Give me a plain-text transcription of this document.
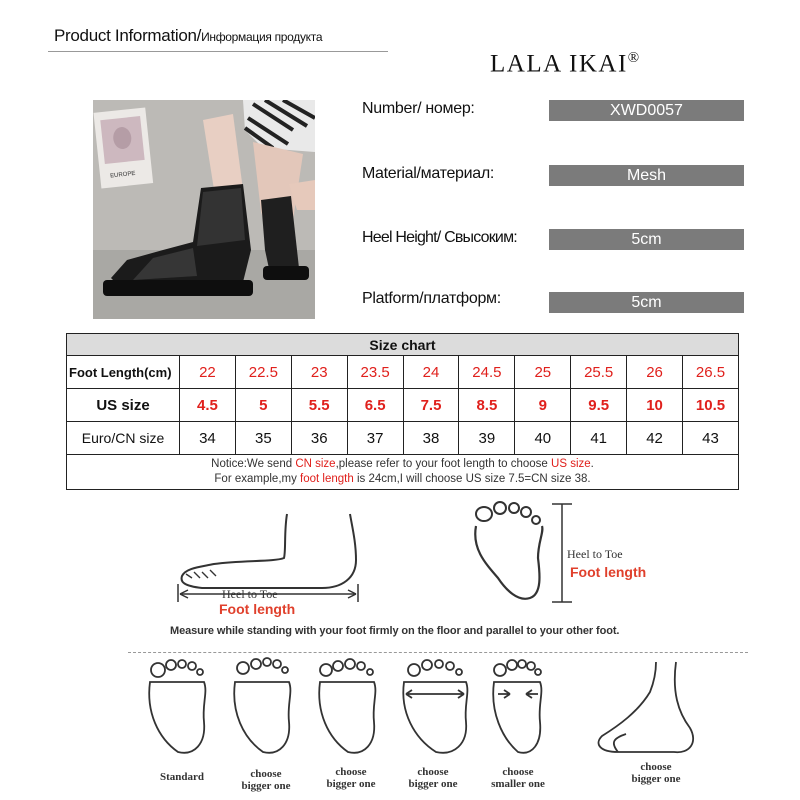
Product Information/Информация продукта
LALA IKAI®
EUROPE
Number/ номер:	XWD0057
Material/материал:	Mesh
Heel Height/ Свысоким:	5cm
Platform/платформ:	5cm
Size chart										
Foot Length(cm)	22	22.5	23	23.5	24	24.5	25	25.5	26	26.5
US size	4.5	5	5.5	6.5	7.5	8.5	9	9.5	10	10.5
Euro/CN size	34	35	36	37	38	39	40	41	42	43

Notice:We send CN size,please refer to your foot length to choose US size.
For example,my foot length is 24cm,I will choose US size 7.5=CN size 38.										
Heel to Toe
Foot length
Heel to Toe
Foot length
Measure while standing with your foot firmly on the floor and parallel to your other foot.
Standard	choose
bigger one
choose
bigger one
choose
bigger one
choose
smaller one
choose
bigger one
